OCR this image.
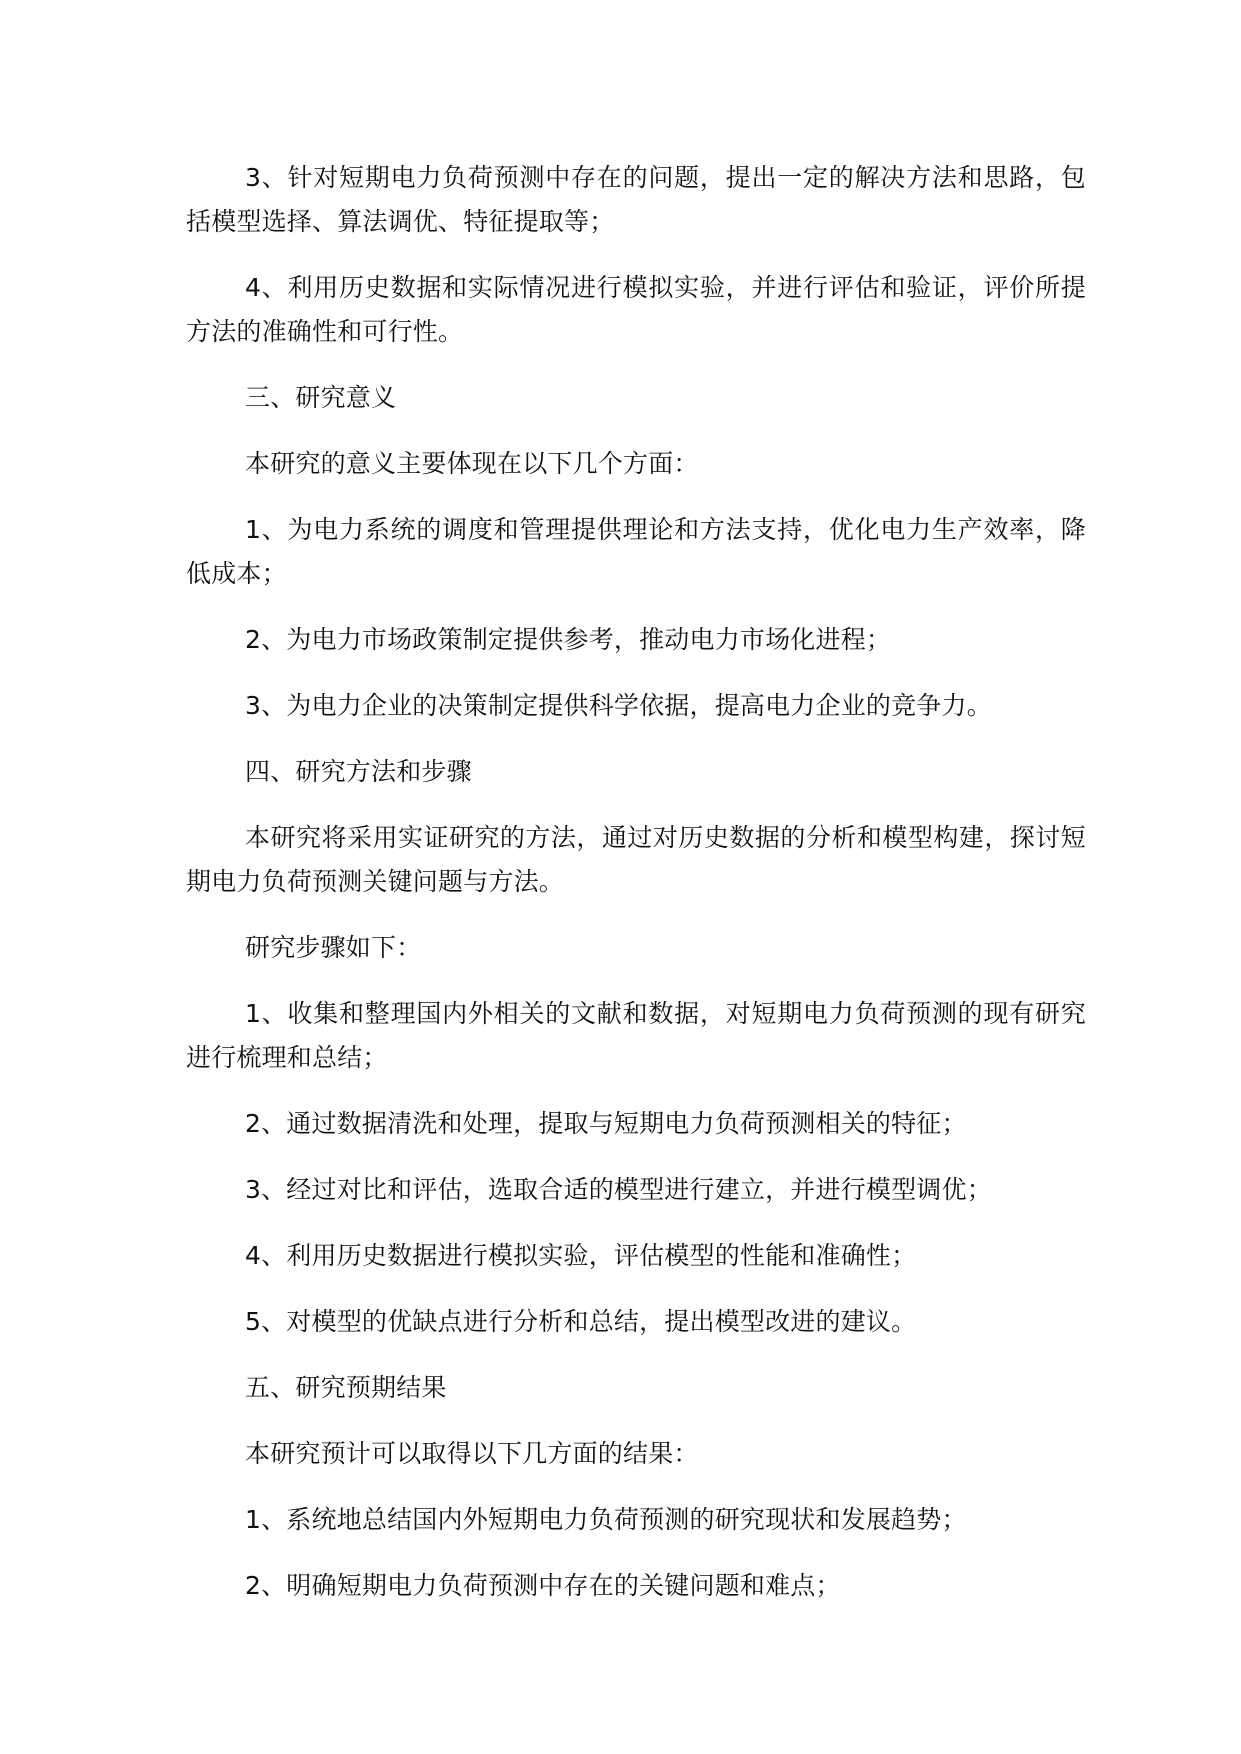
3、针对短期电力负荷预测中存在的问题，提出一定的解决方法和思路，包括模型选择、算法调优、特征提取等；

4、利用历史数据和实际情况进行模拟实验，并进行评估和验证，评价所提方法的准确性和可行性。

三、研究意义

本研究的意义主要体现在以下几个方面：

1、为电力系统的调度和管理提供理论和方法支持，优化电力生产效率，降低成本；

2、为电力市场政策制定提供参考，推动电力市场化进程；

3、为电力企业的决策制定提供科学依据，提高电力企业的竞争力。

四、研究方法和步骤

本研究将采用实证研究的方法，通过对历史数据的分析和模型构建，探讨短期电力负荷预测关键问题与方法。

研究步骤如下：

1、收集和整理国内外相关的文献和数据，对短期电力负荷预测的现有研究进行梳理和总结；

2、通过数据清洗和处理，提取与短期电力负荷预测相关的特征；

3、经过对比和评估，选取合适的模型进行建立，并进行模型调优；

4、利用历史数据进行模拟实验，评估模型的性能和准确性；

5、对模型的优缺点进行分析和总结，提出模型改进的建议。

五、研究预期结果

本研究预计可以取得以下几方面的结果：

1、系统地总结国内外短期电力负荷预测的研究现状和发展趋势；

2、明确短期电力负荷预测中存在的关键问题和难点；
